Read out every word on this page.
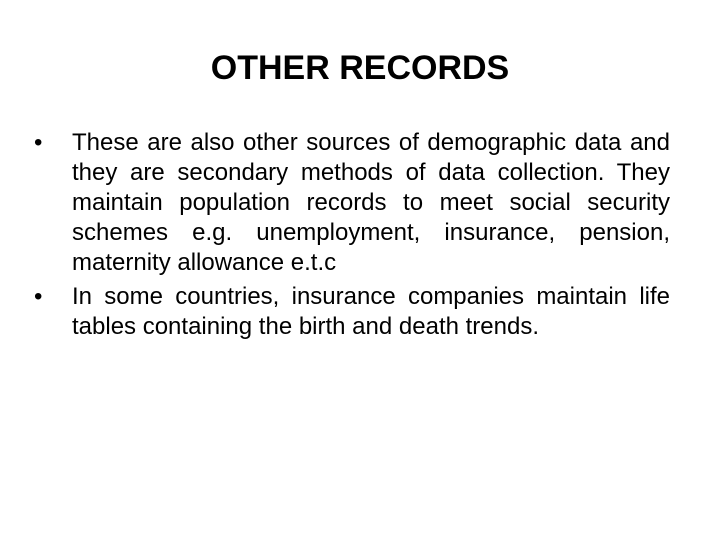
OTHER RECORDS
•	These are also other sources of demographic data and they are secondary methods of data collection. They maintain population records to meet social security schemes e.g. unemployment, insurance, pension, maternity allowance e.t.c
•	In some countries, insurance companies maintain life tables containing the birth and death trends.
